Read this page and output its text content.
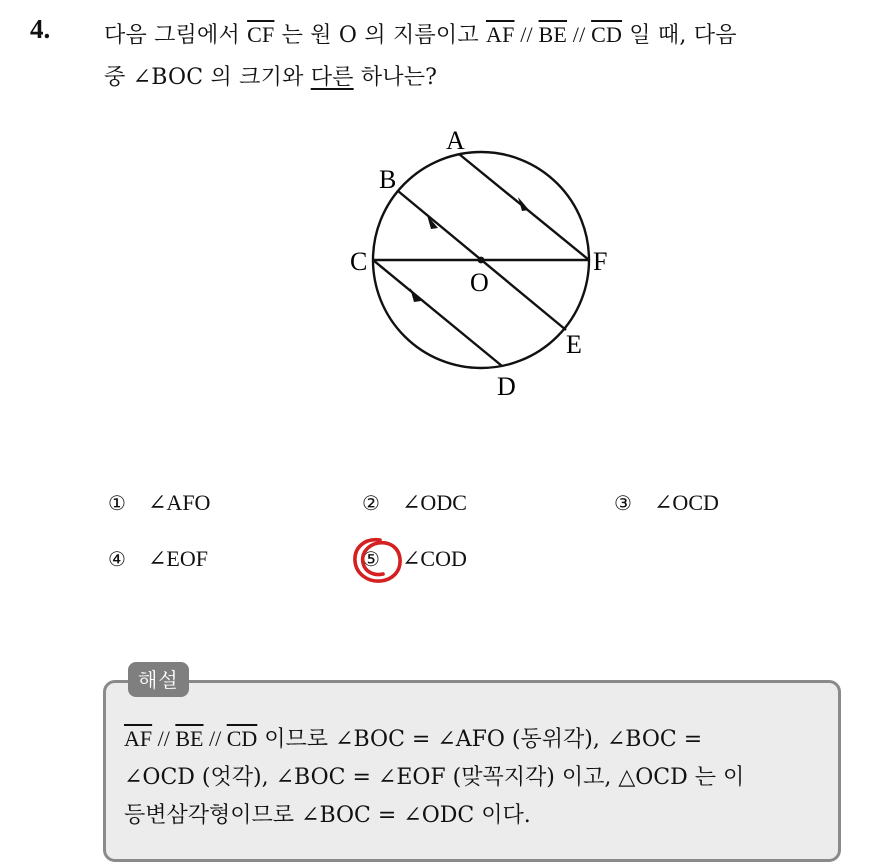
4. 다음 그림에서 $\overline{CF}$ 는 원 O 의 지름이고 $\overline{AF} // \overline{BE} // \overline{CD}$ 일 때, 다음
중 ∠BOC 의 크기와 다른 하나는?
A
B
C	F
O
E
D
① ∠AFO	② ∠ODC	③ ∠OCD
④ ∠EOF	⑤ ∠COD
해설
$\overline{AF} // \overline{BE} // \overline{CD}$ 이므로 ∠BOC = ∠AFO (동위각), ∠BOC =
∠OCD (엇각), ∠BOC = ∠EOF (맞꼭지각) 이고, △OCD 는 이
등변삼각형이므로 ∠BOC = ∠ODC 이다.
